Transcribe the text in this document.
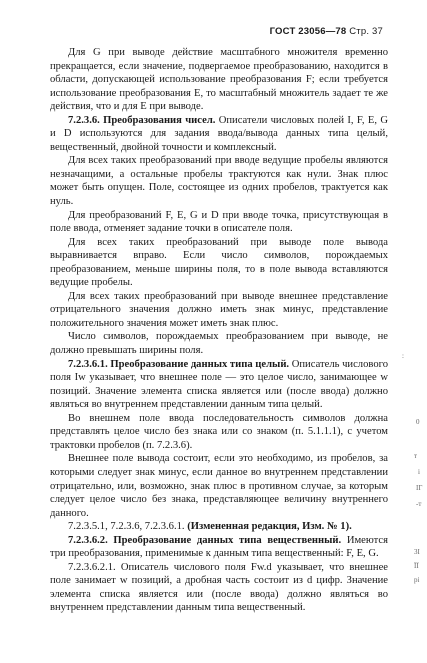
ГОСТ 23056—78 Стр. 37

Для G при выводе действие масштабного множителя временно прекращается, если значение, подвергаемое преобразованию, находится в области, допускающей использование преобразования F; если требуется использование преобразования E, то масштабный множитель задает те же действия, что и для E при выводе.

7.2.3.6. Преобразования чисел. Описатели числовых полей I, F, E, G и D используются для задания ввода/вывода данных типа целый, вещественный, двойной точности и комплексный.

Для всех таких преобразований при вводе ведущие пробелы являются незначащими, а остальные пробелы трактуются как нули. Знак плюс может быть опущен. Поле, состоящее из одних пробелов, трактуется как нуль.

Для преобразований F, E, G и D при вводе точка, присутствующая в поле ввода, отменяет задание точки в описателе поля.

Для всех таких преобразований при выводе поле вывода выравнивается вправо. Если число символов, порождаемых преобразованием, меньше ширины поля, то в поле вывода вставляются ведущие пробелы.

Для всех таких преобразований при выводе внешнее представление отрицательного значения должно иметь знак минус, представление положительного значения может иметь знак плюс.

Число символов, порождаемых преобразованием при выводе, не должно превышать ширины поля.

7.2.3.6.1. Преобразование данных типа целый. Описатель числового поля Iw указывает, что внешнее поле — это целое число, занимающее w позиций. Значение элемента списка является или (после ввода) должно являться во внутреннем представлении данным типа целый.

Во внешнем поле ввода последовательность символов должна представлять целое число без знака или со знаком (п. 5.1.1.1), с учетом трактовки пробелов (п. 7.2.3.6).

Внешнее поле вывода состоит, если это необходимо, из пробелов, за которыми следует знак минус, если данное во внутреннем представлении отрицательно, или, возможно, знак плюс в противном случае, за которым следует целое число без знака, представляющее величину внутреннего данного.

7.2.3.5.1, 7.2.3.6, 7.2.3.6.1. (Измененная редакция, Изм. № 1).

7.2.3.6.2. Преобразование данных типа вещественный. Имеются три преобразования, применимые к данным типа вещественный: F, E, G.

7.2.3.6.2.1. Описатель числового поля Fw.d указывает, что внешнее поле занимает w позиций, а дробная часть состоит из d цифр. Значение элемента списка является или (после ввода) должно являться во внутреннем представлении данным типа вещественный.

:
0
т
і
ІГ
-т
3І
ЇЇ
рі
